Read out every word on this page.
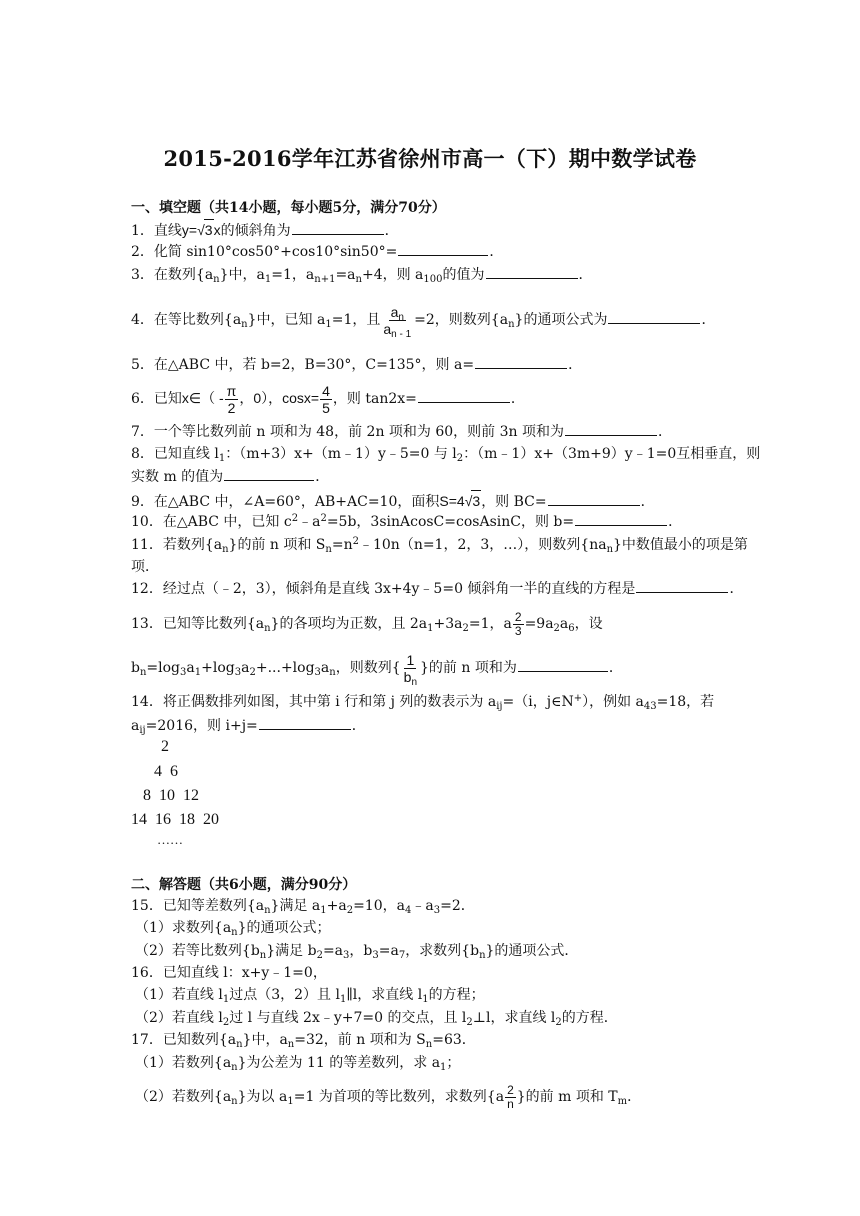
2015-2016学年江苏省徐州市高一（下）期中数学试卷
一、填空题（共14小题，每小题5分，满分70分）
1．直线y=√3x的倾斜角为	．
2．化简 sin10°cos50°+cos10°sin50°=	．
3．在数列$\{a_n\}$中，$a_1=1$，$a_{n+1}=a_n+4$，则 $a_{100}$的值为	．
4．在等比数列$\{a_n\}$中，已知 $a_1=1$，且 $\frac{a_n}{a_{n - 1}} =2$，则数列$\{a_n\}$的通项公式为	．
5．在△ABC 中，若 b=2，B=30°，C=135°，则 a=	．
6．已知x∈（ - $\frac{\pi}{2}$ ，0），$\cos x= \frac{4}{5}$ ，则 tan2x=	．
7．一个等比数列前 n 项和为 48，前 2n 项和为 60，则前 3n 项和为	．
8．已知直线 $l_1$：（m+3）x+（m﹣1）y﹣5=0 与 $l_2$：（m﹣1）x+（3m+9）y﹣1=0互相垂直，则
实数 m 的值为	．
9．在△ABC 中，∠A=60°，AB+AC=10，面积S=4√3，则 BC=	．
10．在△ABC 中，已知 $c^2﹣a^2=5b$，3sinAcosC=cosAsinC，则 b=	．
11．若数列$\{a_n\}$的前 n 项和 $S_n=n^2﹣10n(n=1$，2，3，…），则数列$\{na_n\}$中数值最小的项是第
项．
12．经过点（﹣2，3），倾斜角是直线 3x+4y﹣5=0 倾斜角一半的直线的方程是	．
13．已知等比数列$\{a_n\}$的各项均为正数，且 $2a_1+3a_2=1$，a $\frac{2}{3} =9a_2a_6$，设
$b_n=\log_3a_1+\log_3a_2+...+\log_3a_n$，则数列{ $\frac{1}{b_n}$ }的前 n 项和为	．
14．将正偶数排列如图，其中第 i 行和第 j 列的数表示为 $a_{ij}=(i$，j∈N+），例如 $a_{43}=18$，若
$a_{ij}=2016$，则 i+j=	．
2
4  6
8  10  12
14  16  18  20
……
二、解答题（共6小题，满分90分）
15．已知等差数列$\{a_n\}$满足 $a_1+a_2=10$，$a_4﹣a_3=2$．
（1）求数列$\{a_n\}$的通项公式；
（2）若等比数列$\{b_n\}$满足 $b_2=a_3$，$b_3=a_7$，求数列$\{b_n\}$的通项公式．
16．已知直线 l：x+y﹣1=0，
（1）若直线 $l_1$过点（3，2）且 $l_1\parallel l$，求直线 $l_1$的方程；
（2）若直线 $l_2$过 l 与直线 2x﹣y+7=0 的交点，且 $l_2\perp l$，求直线 $l_2$的方程．
17．已知数列$\{a_n\}$中，$a_n=32$，前 n 项和为 $S_n=63$．
（1）若数列$\{a_n\}$为公差为 11 的等差数列，求 $a_1$；
（2）若数列$\{a_n\}$为以 $a_1=1$ 为首项的等比数列，求数列{$a \frac{2}{n}$ }的前 m 项和 $T_m$．
